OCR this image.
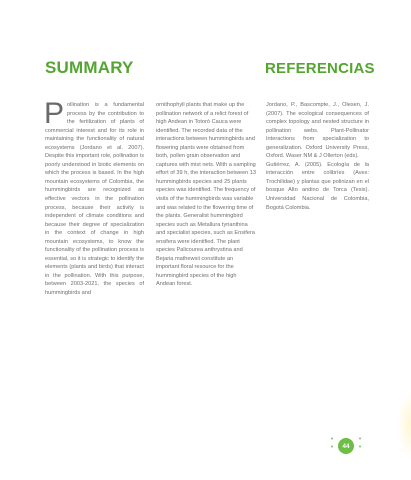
SUMMARY	REFERENCIAS

Pollination is a fundamental process by the contribution to the fertilization of plants of commercial interest and for its role in maintaining the functionality of natural ecosystems (Jordano et al. 2007). Despite this important role, pollination is poorly understood in biotic elements on which the process is based. In the high mountain ecosystems of Colombia, the hummingbirds are recognized as effective vectors in the pollination process, because their activity is independent of climate conditions and because their degree of specialization in the context of change in high mountain ecosystems, to know the functionality of the pollination process is essential, so it is strategic to identify the elements (plants and birds) that interact in the pollination. With this purpose, between 2003-2021, the species of hummingbirds and

ornithophyll plants that make up the pollination network of a relict forest of high Andean in Totoró Cauca were identified. The recorded data of the interactions between hummingbirds and flowering plants were obtained from both, pollen grain observation and captures with mist nets. With a sampling effort of 39 h, the interaction between 13 hummingbirds species and 25 plants species was identified. The frequency of visits of the hummingbirds was variable and was related to the flowering time of the plants. Generalist hummingbird species such as Metallura tyrianthina and specialist species, such as Ensifera ensifera were identified. The plant species Palicourea anthrystina and Bejaria mathewsii constitute an important floral resource for the hummingbird species of the high Andean forest.

Jordano, P., Bascompte, J., Olesen, J. (2007). The ecological consequences of complex topology and nested structure in pollination webs. Plant-Pollinator Interactions from specialization to generalization. Oxford University Press, Oxford. Waser NM & J Ollerton (eds).

Gutiérrez, A. (2005). Ecología de la interacción entre colibríes (Aves: Trochilidae) y plantas que polinizan en el bosque Alto andino de Torca (Tesis). Universidad Nacional de Colombia, Bogotá Colombia.

˄
˄	44	˅
˅
